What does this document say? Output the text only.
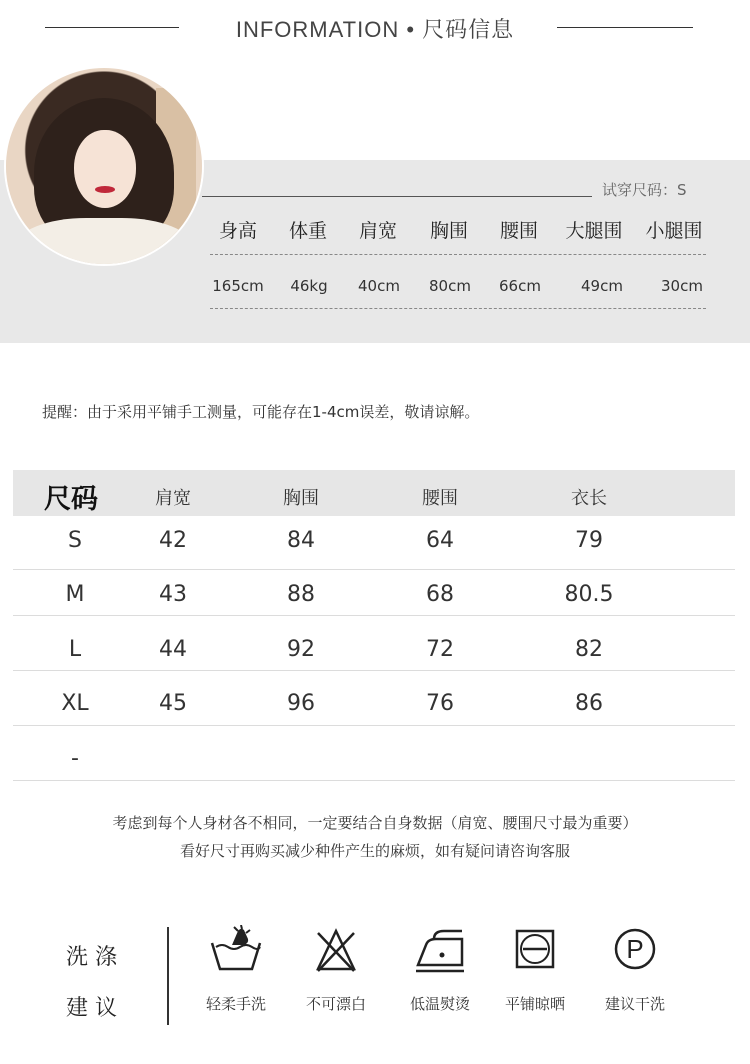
INFORMATION • 尺码信息
试穿尺码：S
身高	体重	肩宽	胸围	腰围	大腿围	小腿围
165cm	46kg	40cm	80cm	66cm	49cm	30cm
提醒：由于采用平铺手工测量，可能存在1-4cm误差，敬请谅解。
尺码	肩宽	胸围	腰围	衣长
S	42	84	64	79
M	43	88	68	80.5
L	44	92	72	82
XL	45	96	76	86
-
考虑到每个人身材各不相同，一定要结合自身数据（肩宽、腰围尺寸最为重要）
看好尺寸再购买减少种件产生的麻烦，如有疑问请咨询客服
洗 涤
建 议	轻柔手洗	不可漂白	低温熨烫	平铺晾晒
P
建议干洗
